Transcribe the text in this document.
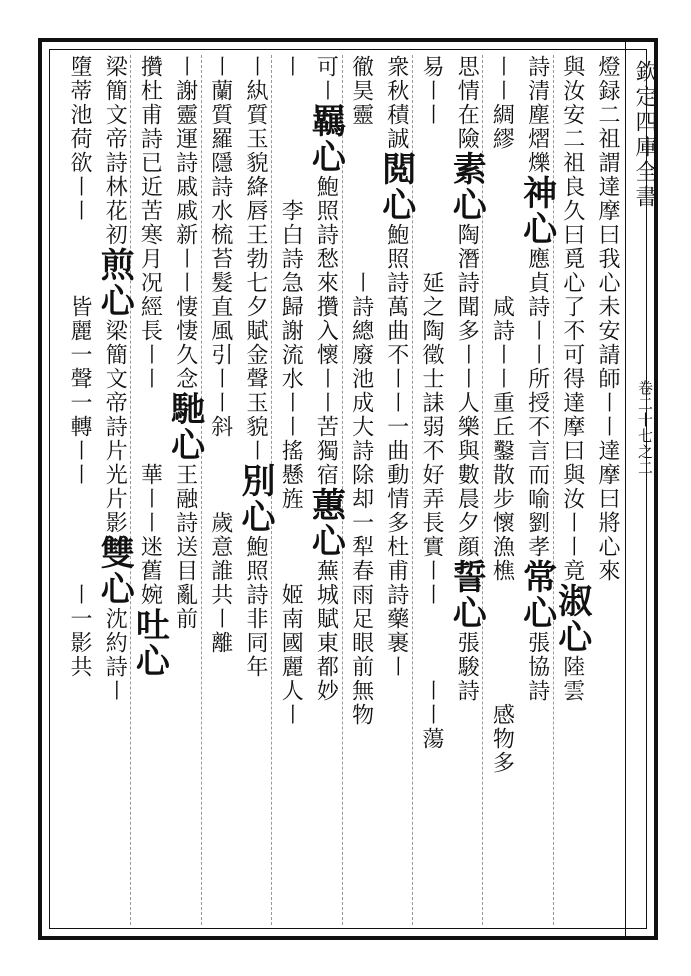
欽定四庫全書
卷二十七之二
燈録二祖謂達摩曰我心未安請師〡〡達摩曰將心來
與汝安二祖良久曰覓心了不可得達摩曰與汝〡〡竟
淑心
陸雲
詩清塵熠爍
神心
應貞詩〡〡所授不言而喻劉孝
常心
張協詩
〡〡綢繆　　　　　　咸詩〡〡重丘鑿散步懷漁樵　　　　　感物多
思情在險
素心
陶潛詩聞多〡〡人樂與數晨夕顔
誓心
張駿詩
易〡〡　　　　　　延之陶徵士誄弱不好弄長實〡〡　　　〡〡蕩
衆秋積誠
閲心
鮑照詩萬曲不〡〡一曲動情多杜甫詩藥裹〡
徹昊靈　　　　　　〡詩總廢池成大詩除却一犁春雨足眼前無物
可〡
羈心
鮑照詩愁來攢入懷〡〡苦獨宿
蕙心
蕪城賦東都妙
〡　　　　　李白詩急歸謝流水〡〡搖懸旌　　　姬南國麗人〡
〡紈質玉貌絳唇王勃七夕賦金聲玉貌〡
別心
鮑照詩非同年
〡蘭質羅隱詩水梳苔髮直風引〡〡斜　　　歲意誰共〡離
〡謝靈運詩戚戚新〡〡悽悽久念
馳心
王融詩送目亂前
攢杜甫詩已近苦寒月况經長〡〡　　　華〡〡迷舊婉
吐心
梁簡文帝詩林花初
煎心
梁簡文帝詩片光片影
雙心
沈約詩〡
墮蒂池荷欲〡〡　　　皆麗一聲一轉〡〡　　　　〡一影共
